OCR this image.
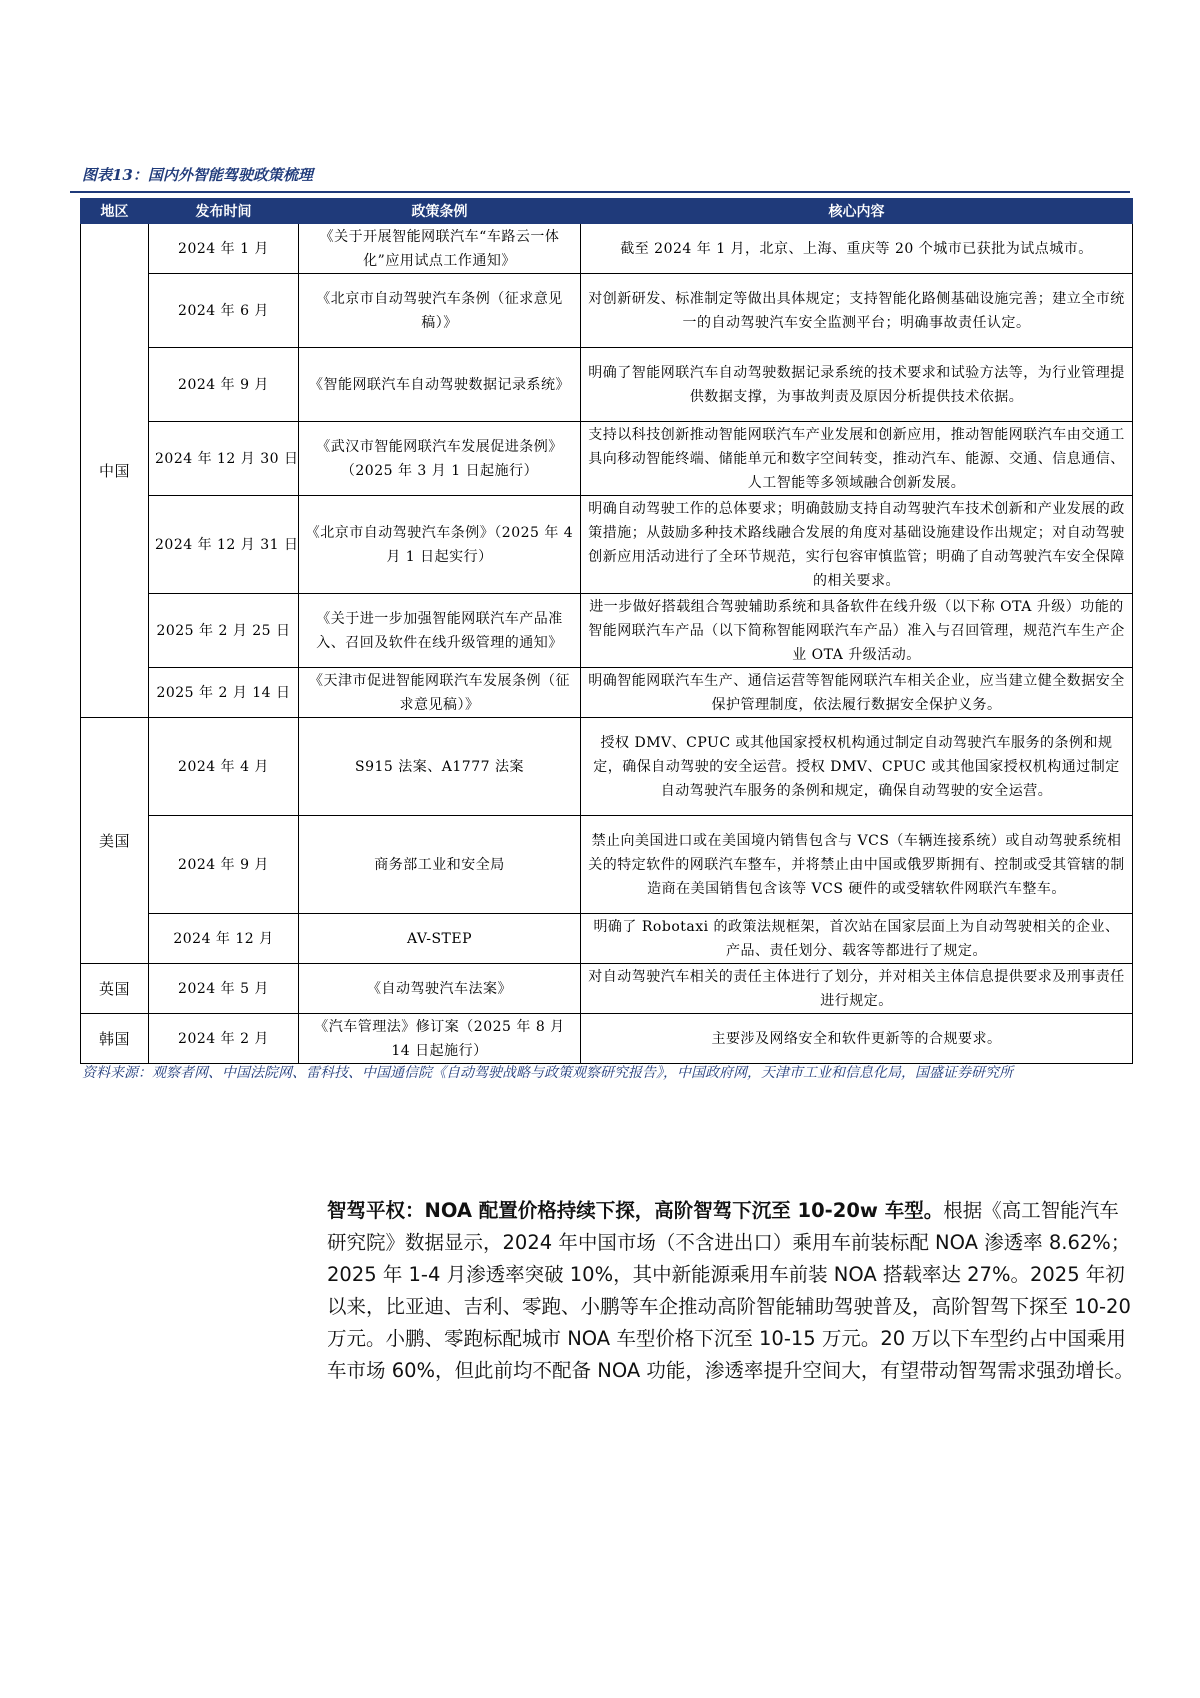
图表13：国内外智能驾驶政策梳理
地区	发布时间	政策条例	核心内容
中国	2024 年 1 月	《关于开展智能网联汽车“车路云一体化”应用试点工作通知》	截至 2024 年 1 月，北京、上海、重庆等 20 个城市已获批为试点城市。
	2024 年 6 月	《北京市自动驾驶汽车条例（征求意见稿）》	对创新研发、标准制定等做出具体规定；支持智能化路侧基础设施完善；建立全市统一的自动驾驶汽车安全监测平台；明确事故责任认定。
	2024 年 9 月	《智能网联汽车自动驾驶数据记录系统》	明确了智能网联汽车自动驾驶数据记录系统的技术要求和试验方法等，为行业管理提供数据支撑，为事故判责及原因分析提供技术依据。
	2024 年 12 月 30 日	《武汉市智能网联汽车发展促进条例》（2025 年 3 月 1 日起施行）	支持以科技创新推动智能网联汽车产业发展和创新应用，推动智能网联汽车由交通工具向移动智能终端、储能单元和数字空间转变，推动汽车、能源、交通、信息通信、人工智能等多领域融合创新发展。
	2024 年 12 月 31 日	《北京市自动驾驶汽车条例》（2025 年 4 月 1 日起实行）	明确自动驾驶工作的总体要求；明确鼓励支持自动驾驶汽车技术创新和产业发展的政策措施；从鼓励多种技术路线融合发展的角度对基础设施建设作出规定；对自动驾驶创新应用活动进行了全环节规范，实行包容审慎监管；明确了自动驾驶汽车安全保障的相关要求。
	2025 年 2 月 25 日	《关于进一步加强智能网联汽车产品准入、召回及软件在线升级管理的通知》	进一步做好搭载组合驾驶辅助系统和具备软件在线升级（以下称 OTA 升级）功能的智能网联汽车产品（以下简称智能网联汽车产品）准入与召回管理，规范汽车生产企业 OTA 升级活动。
	2025 年 2 月 14 日	《天津市促进智能网联汽车发展条例（征求意见稿）》	明确智能网联汽车生产、通信运营等智能网联汽车相关企业，应当建立健全数据安全保护管理制度，依法履行数据安全保护义务。
美国	2024 年 4 月	S915 法案、A1777 法案	授权 DMV、CPUC 或其他国家授权机构通过制定自动驾驶汽车服务的条例和规定，确保自动驾驶的安全运营。授权 DMV、CPUC 或其他国家授权机构通过制定自动驾驶汽车服务的条例和规定，确保自动驾驶的安全运营。
	2024 年 9 月	商务部工业和安全局	禁止向美国进口或在美国境内销售包含与 VCS（车辆连接系统）或自动驾驶系统相关的特定软件的网联汽车整车，并将禁止由中国或俄罗斯拥有、控制或受其管辖的制造商在美国销售包含该等 VCS 硬件的或受辖软件网联汽车整车。
	2024 年 12 月	AV-STEP	明确了 Robotaxi 的政策法规框架，首次站在国家层面上为自动驾驶相关的企业、产品、责任划分、载客等都进行了规定。
英国	2024 年 5 月	《自动驾驶汽车法案》	对自动驾驶汽车相关的责任主体进行了划分，并对相关主体信息提供要求及刑事责任进行规定。
韩国	2024 年 2 月	《汽车管理法》修订案（2025 年 8 月 14 日起施行）	主要涉及网络安全和软件更新等的合规要求。
资料来源：观察者网、中国法院网、雷科技、中国通信院《自动驾驶战略与政策观察研究报告》，中国政府网，天津市工业和信息化局，国盛证券研究所

智驾平权：NOA 配置价格持续下探，高阶智驾下沉至 10-20w 车型。根据《高工智能汽车研究院》数据显示，2024 年中国市场（不含进出口）乘用车前装标配 NOA 渗透率 8.62%；2025 年 1-4 月渗透率突破 10%，其中新能源乘用车前装 NOA 搭载率达 27%。2025 年初以来，比亚迪、吉利、零跑、小鹏等车企推动高阶智能辅助驾驶普及，高阶智驾下探至 10-20 万元。小鹏、零跑标配城市 NOA 车型价格下沉至 10-15 万元。20 万以下车型约占中国乘用车市场 60%，但此前均不配备 NOA 功能，渗透率提升空间大，有望带动智驾需求强劲增长。
